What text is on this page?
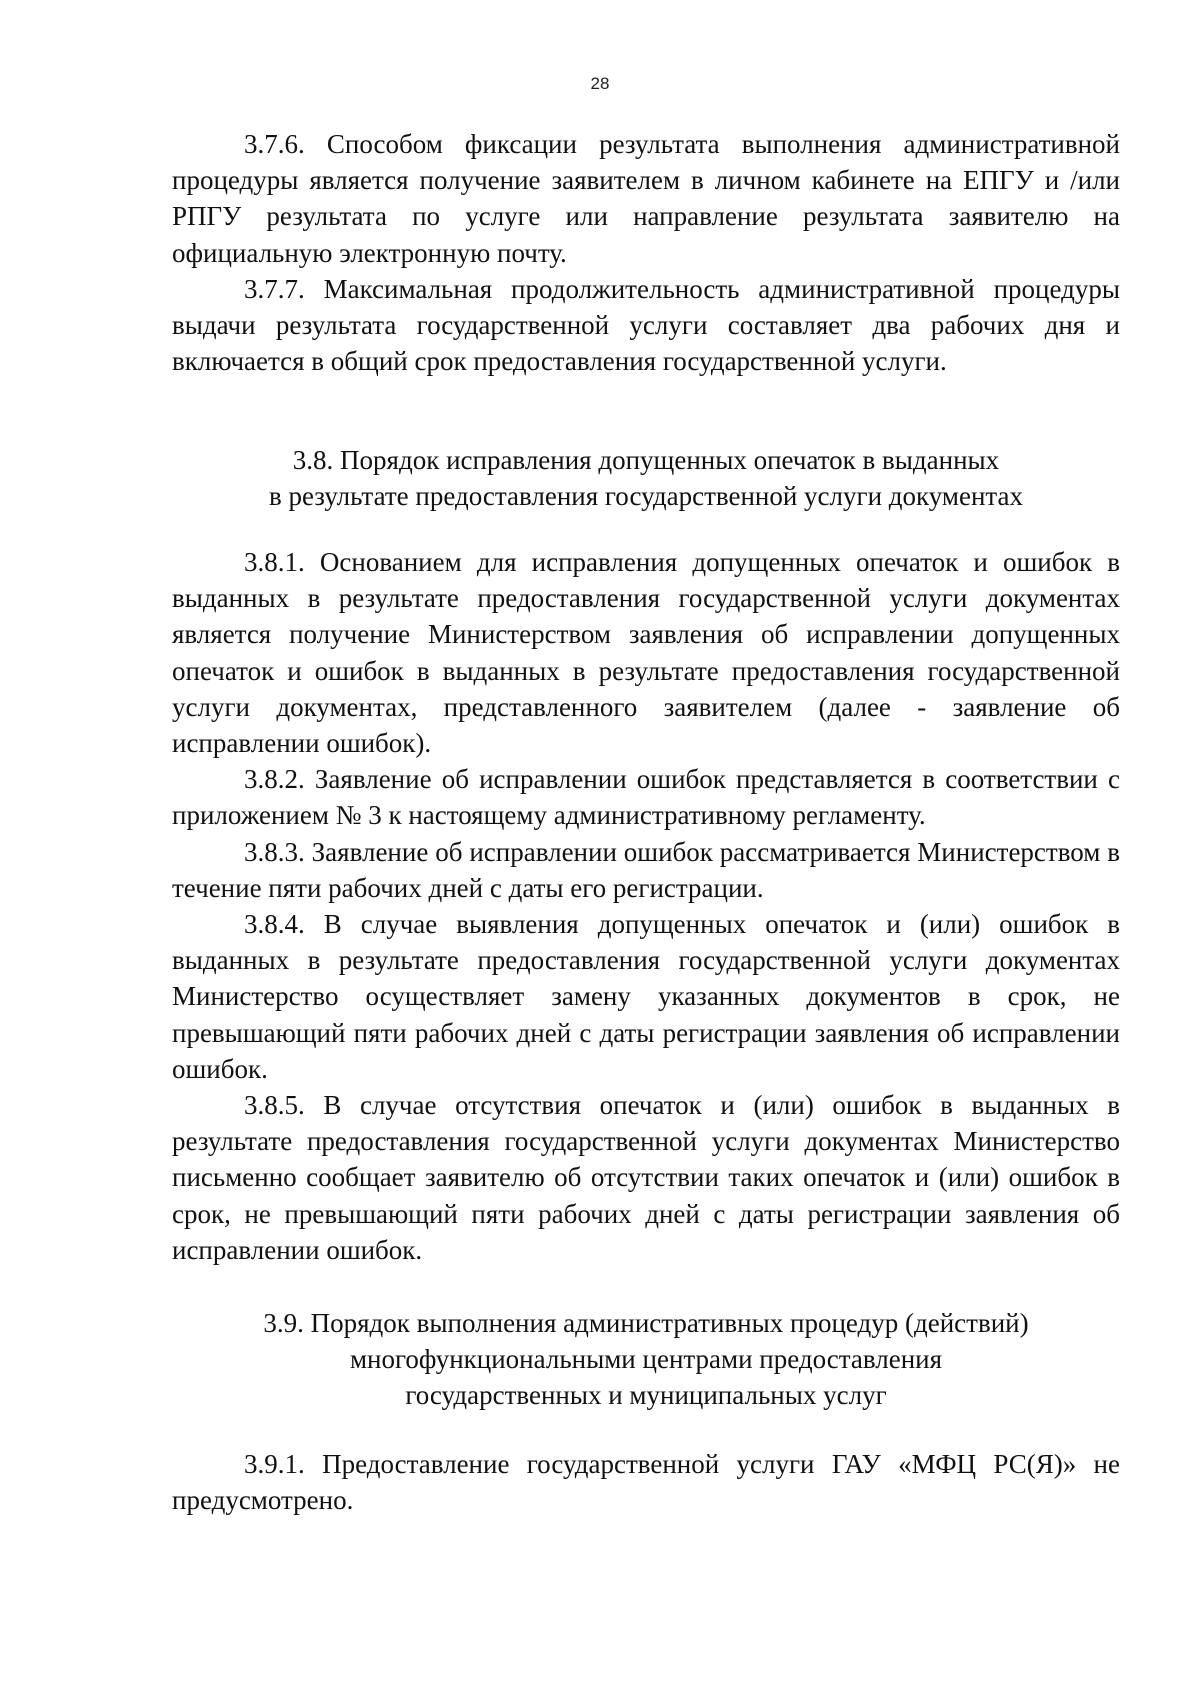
28

3.7.6. Способом фиксации результата выполнения административной процедуры является получение заявителем в личном кабинете на ЕПГУ и /или РПГУ результата по услуге или направление результата заявителю на официальную электронную почту.

3.7.7. Максимальная продолжительность административной процедуры выдачи результата государственной услуги составляет два рабочих дня и включается в общий срок предоставления государственной услуги.

3.8. Порядок исправления допущенных опечаток в выданных

в результате предоставления государственной услуги документах

3.8.1. Основанием для исправления допущенных опечаток и ошибок в выданных в результате предоставления государственной услуги документах является получение Министерством заявления об исправлении допущенных опечаток и ошибок в выданных в результате предоставления государственной услуги документах, представленного заявителем (далее - заявление об исправлении ошибок).

3.8.2. Заявление об исправлении ошибок представляется в соответствии с приложением № 3 к настоящему административному регламенту.

3.8.3. Заявление об исправлении ошибок рассматривается Министерством в течение пяти рабочих дней с даты его регистрации.

3.8.4. В случае выявления допущенных опечаток и (или) ошибок в выданных в результате предоставления государственной услуги документах Министерство осуществляет замену указанных документов в срок, не превышающий пяти рабочих дней с даты регистрации заявления об исправлении ошибок.

3.8.5. В случае отсутствия опечаток и (или) ошибок в выданных в результате предоставления государственной услуги документах Министерство письменно сообщает заявителю об отсутствии таких опечаток и (или) ошибок в срок, не превышающий пяти рабочих дней с даты регистрации заявления об исправлении ошибок.

3.9. Порядок выполнения административных процедур (действий)

многофункциональными центрами предоставления

государственных и муниципальных услуг

3.9.1. Предоставление государственной услуги ГАУ «МФЦ РС(Я)» не предусмотрено.
